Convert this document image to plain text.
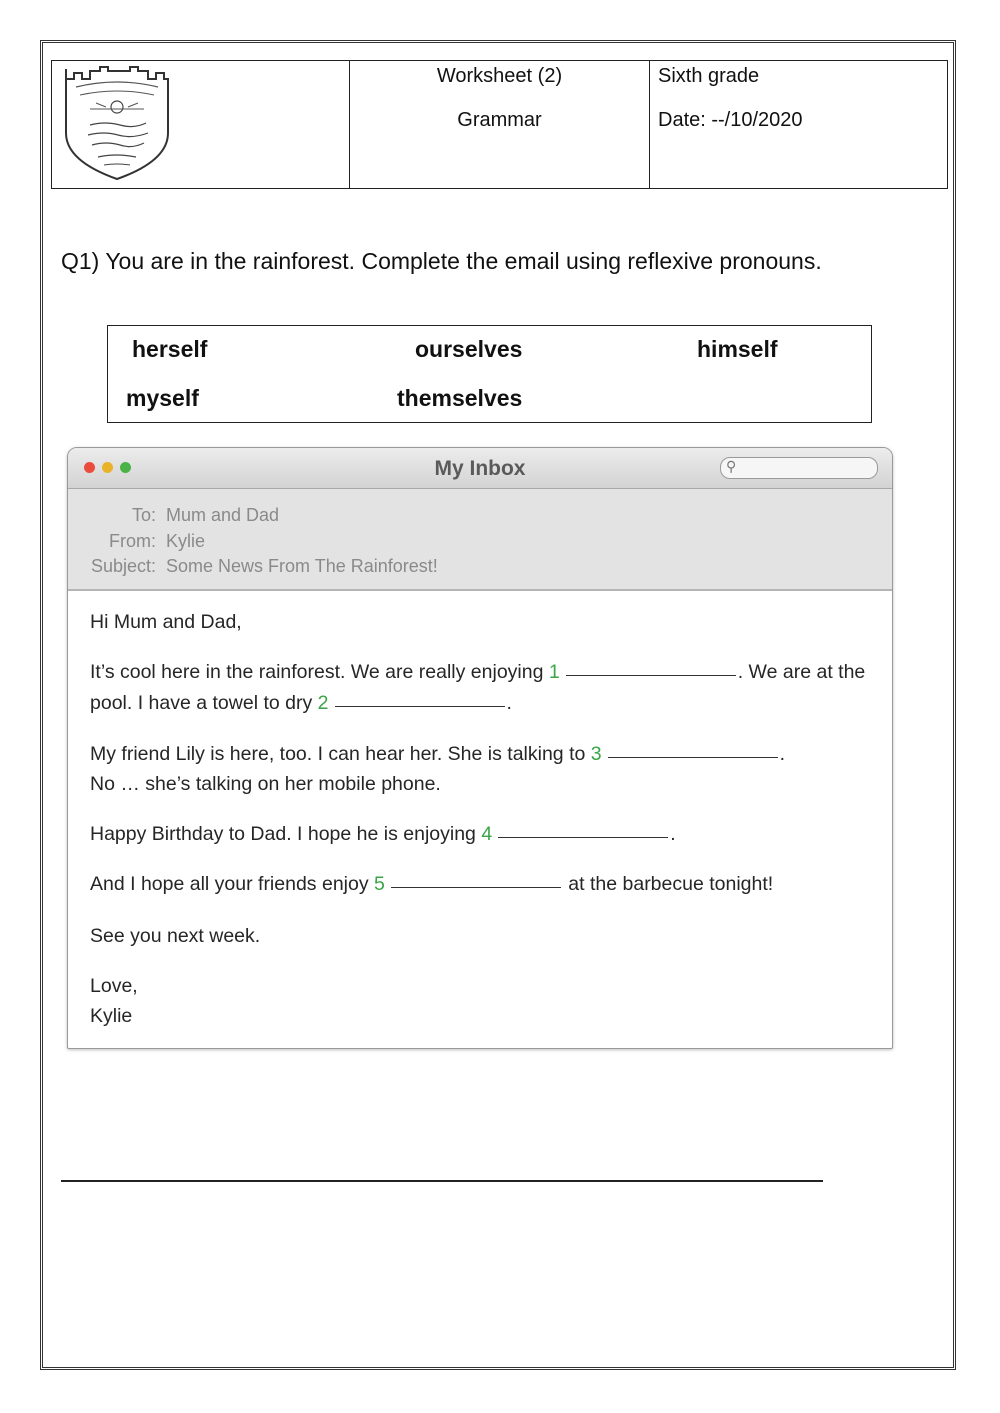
Worksheet (2)
Grammar
Sixth grade
Date: --/10/2020
Q1) You are in the rainforest. Complete the email using reflexive pronouns.
herself	ourselves	himself
myself	themselves
My Inbox	⚲
To: Mum and Dad
From: Kylie
Subject: Some News From The Rainforest!
Hi Mum and Dad,
It’s cool here in the rainforest. We are really enjoying 1	. We are at the
pool. I have a towel to dry 2	.
My friend Lily is here, too. I can hear her. She is talking to 3	.
No … she’s talking on her mobile phone.
Happy Birthday to Dad. I hope he is enjoying 4	.
And I hope all your friends enjoy 5	at the barbecue tonight!
See you next week.
Love,
Kylie
